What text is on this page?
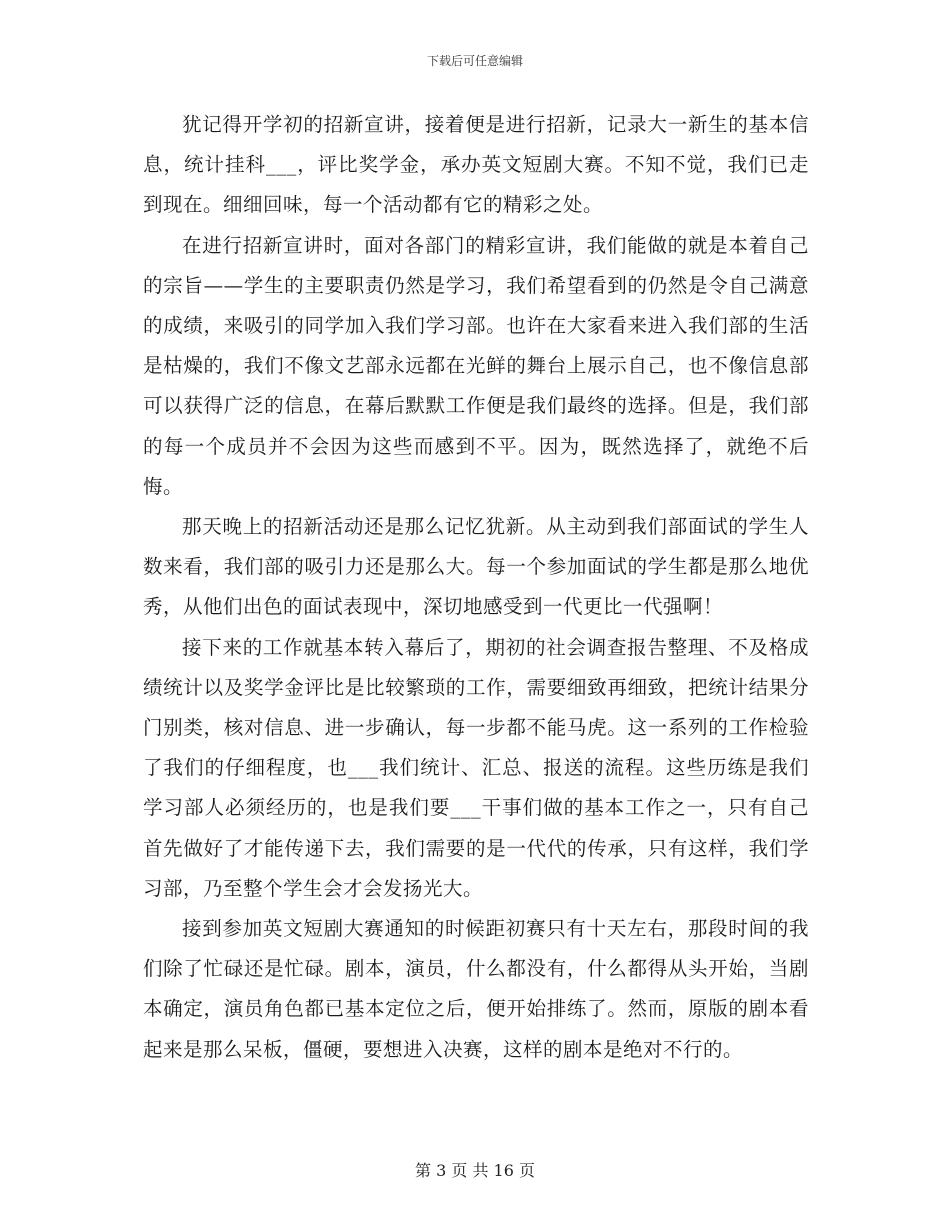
下载后可任意编辑

犹记得开学初的招新宣讲，接着便是进行招新，记录大一新生的基本信息，统计挂科___，评比奖学金，承办英文短剧大赛。不知不觉，我们已走到现在。细细回味，每一个活动都有它的精彩之处。

在进行招新宣讲时，面对各部门的精彩宣讲，我们能做的就是本着自己的宗旨——学生的主要职责仍然是学习，我们希望看到的仍然是令自己满意的成绩，来吸引的同学加入我们学习部。也许在大家看来进入我们部的生活是枯燥的，我们不像文艺部永远都在光鲜的舞台上展示自己，也不像信息部可以获得广泛的信息，在幕后默默工作便是我们最终的选择。但是，我们部的每一个成员并不会因为这些而感到不平。因为，既然选择了，就绝不后悔。

那天晚上的招新活动还是那么记忆犹新。从主动到我们部面试的学生人数来看，我们部的吸引力还是那么大。每一个参加面试的学生都是那么地优秀，从他们出色的面试表现中，深切地感受到一代更比一代强啊！

接下来的工作就基本转入幕后了，期初的社会调查报告整理、不及格成绩统计以及奖学金评比是比较繁琐的工作，需要细致再细致，把统计结果分门别类，核对信息、进一步确认，每一步都不能马虎。这一系列的工作检验了我们的仔细程度，也___我们统计、汇总、报送的流程。这些历练是我们学习部人必须经历的，也是我们要___干事们做的基本工作之一，只有自己首先做好了才能传递下去，我们需要的是一代代的传承，只有这样，我们学习部，乃至整个学生会才会发扬光大。

接到参加英文短剧大赛通知的时候距初赛只有十天左右，那段时间的我们除了忙碌还是忙碌。剧本，演员，什么都没有，什么都得从头开始，当剧本确定，演员角色都已基本定位之后，便开始排练了。然而，原版的剧本看起来是那么呆板，僵硬，要想进入决赛，这样的剧本是绝对不行的。

第 3 页 共 16 页
